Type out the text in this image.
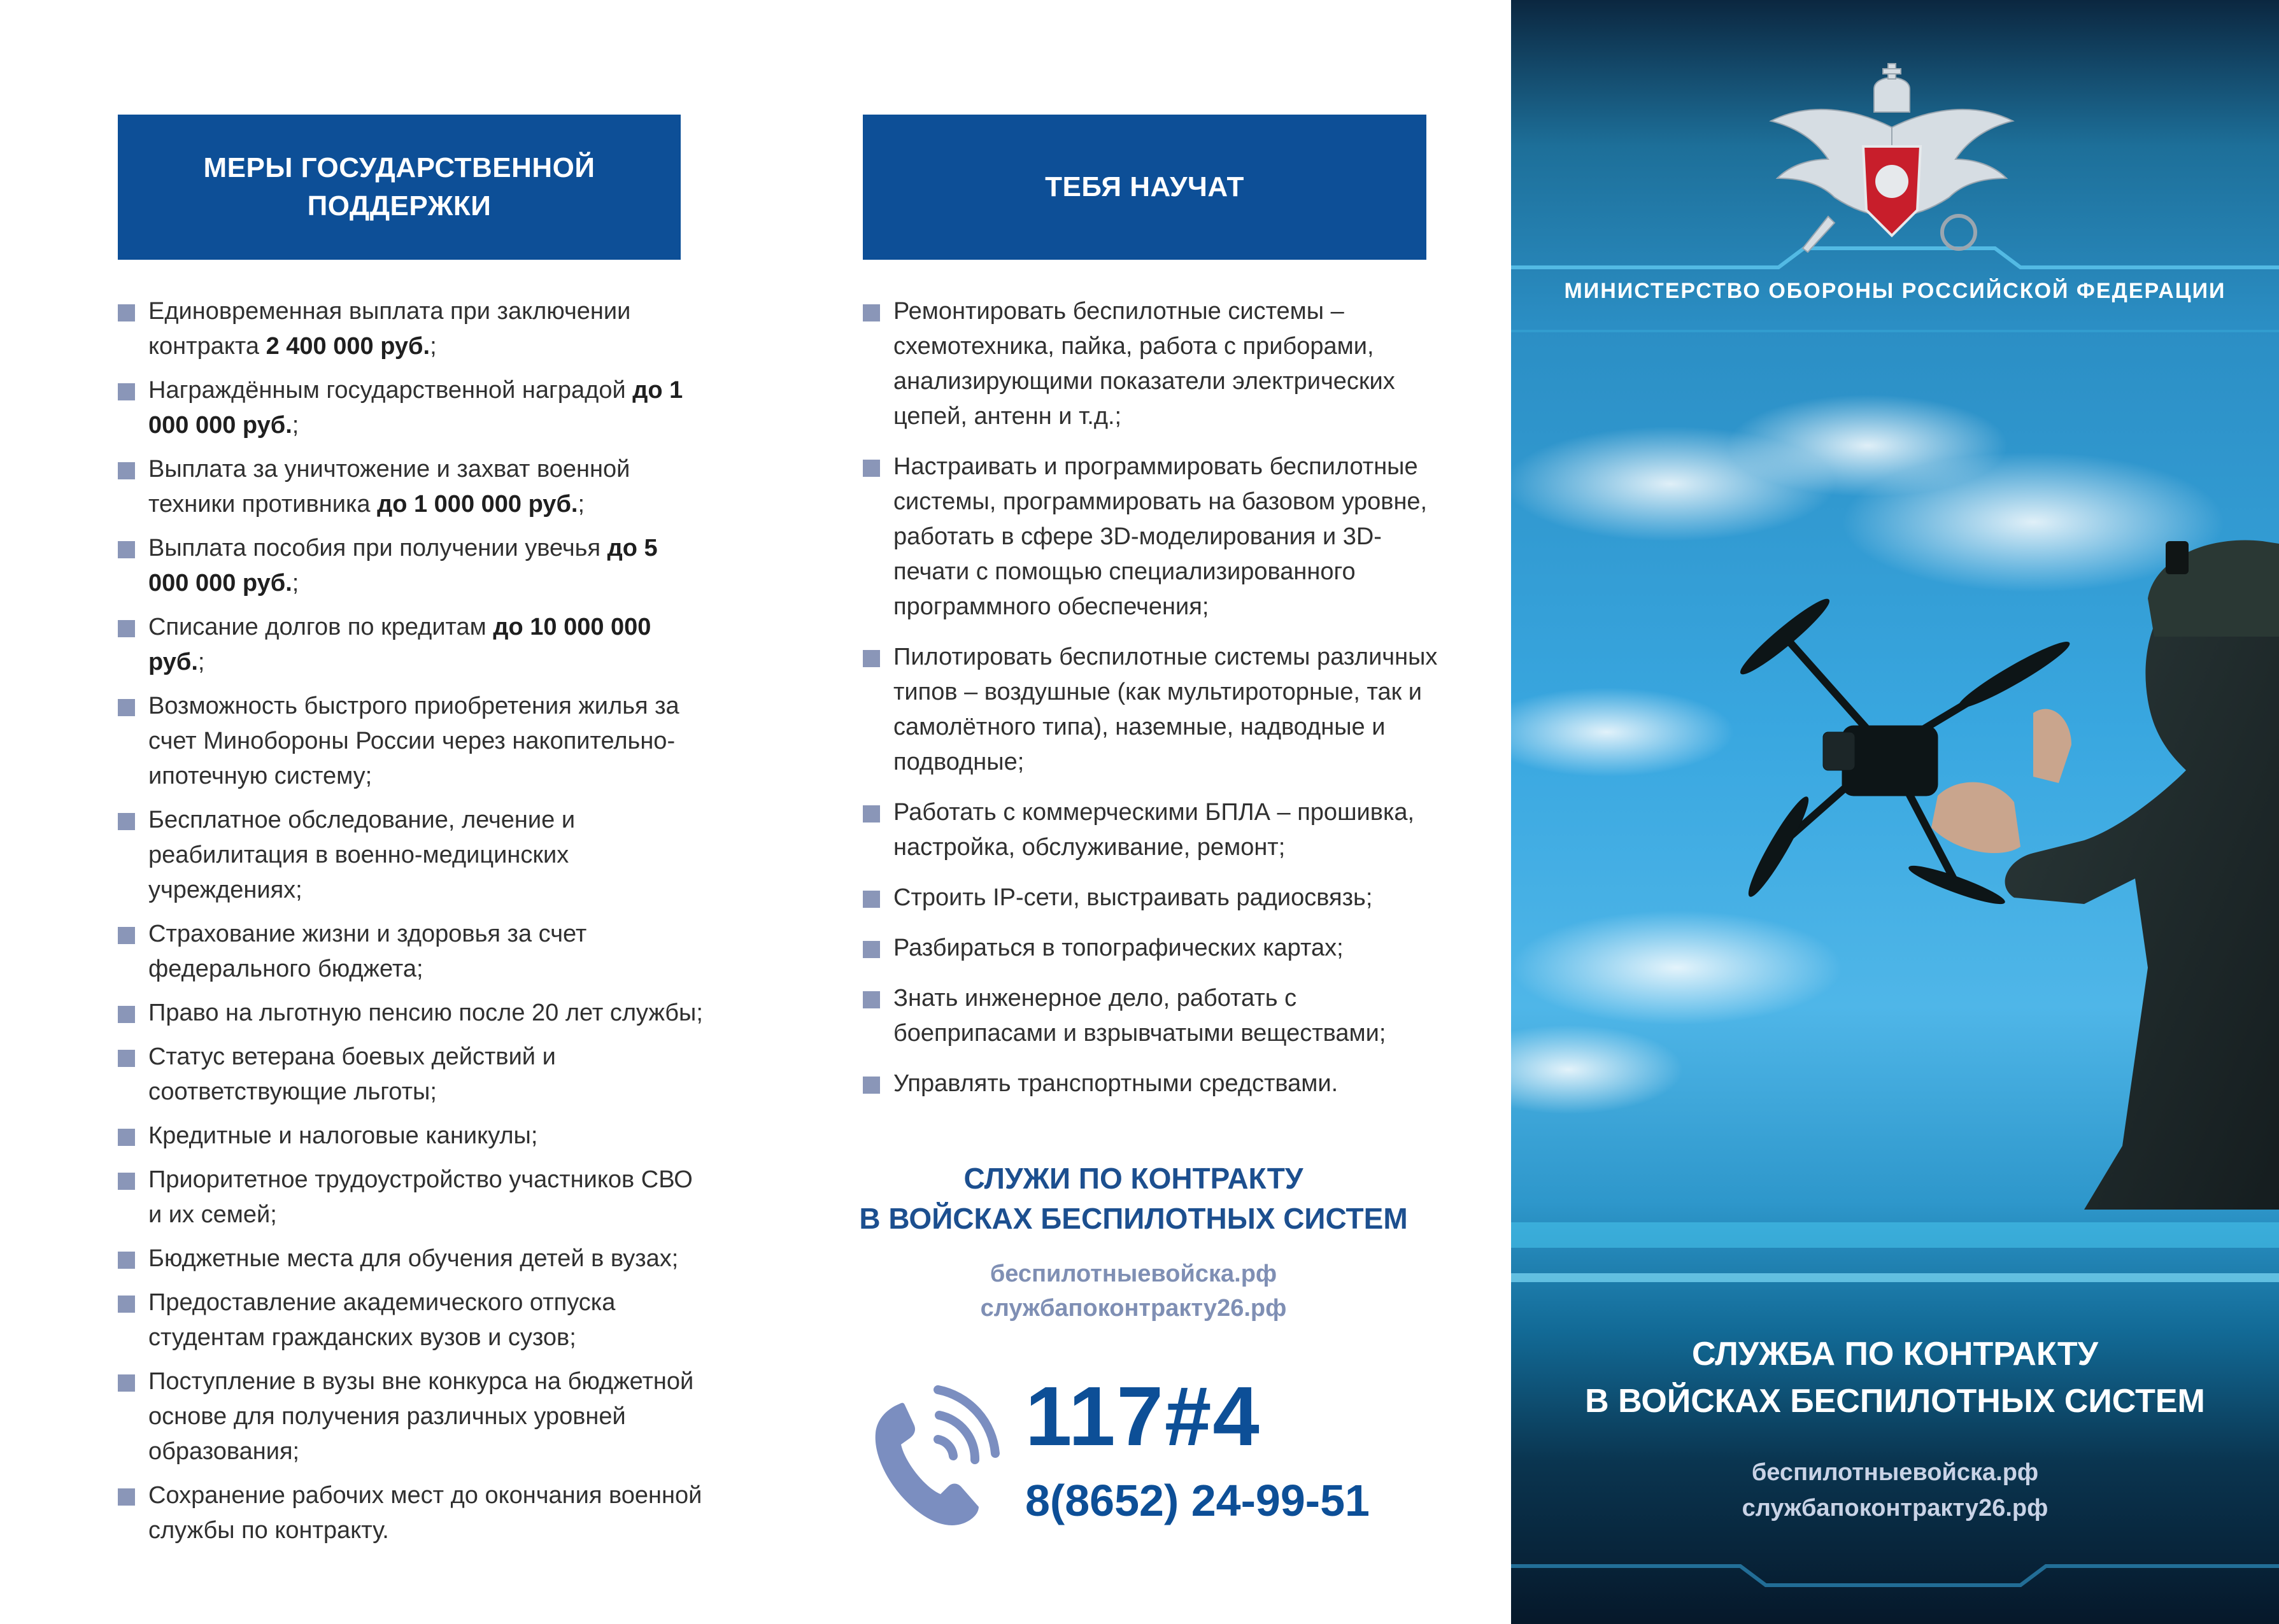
МЕРЫ ГОСУДАРСТВЕННОЙ ПОДДЕРЖКИ
Единовременная выплата при заключении контракта 2 400 000 руб.;
Награждённым государственной наградой до 1 000 000 руб.;
Выплата за уничтожение и захват военной техники противника до 1 000 000 руб.;
Выплата пособия при получении увечья до 5 000 000 руб.;
Списание долгов по кредитам до 10 000 000 руб.;
Возможность быстрого приобретения жилья за счет Минобороны России через накопительно-ипотечную систему;
Бесплатное обследование, лечение и реабилитация в военно-медицинских учреждениях;
Страхование жизни и здоровья за счет федерального бюджета;
Право на льготную пенсию после 20 лет службы;
Статус ветерана боевых действий и соответствующие льготы;
Кредитные и налоговые каникулы;
Приоритетное трудоустройство участников СВО и их семей;
Бюджетные места для обучения детей в вузах;
Предоставление академического отпуска студентам гражданских вузов и сузов;
Поступление в вузы вне конкурса на бюджетной основе для получения различных уровней образования;
Сохранение рабочих мест до окончания военной службы по контракту.
ТЕБЯ НАУЧАТ
Ремонтировать беспилотные системы – схемотехника, пайка, работа с приборами, анализирующими показатели электрических цепей, антенн и т.д.;
Настраивать и программировать беспилотные системы, программировать на базовом уровне, работать в сфере 3D-моделирования и 3D-печати с помощью специализированного программного обеспечения;
Пилотировать беспилотные системы различных типов – воздушные (как мультироторные, так и самолётного типа), наземные, надводные и подводные;
Работать с коммерческими БПЛА – прошивка, настройка, обслуживание, ремонт;
Строить IP-сети, выстраивать радиосвязь;
Разбираться в топографических картах;
Знать инженерное дело, работать с боеприпасами и взрывчатыми веществами;
Управлять транспортными средствами.
СЛУЖИ ПО КОНТРАКТУ
В ВОЙСКАХ БЕСПИЛОТНЫХ СИСТЕМ
беспилотныевойска.рф
службапоконтракту26.рф
117#4
8(8652) 24-99-51
МИНИСТЕРСТВО ОБОРОНЫ РОССИЙСКОЙ ФЕДЕРАЦИИ
СЛУЖБА ПО КОНТРАКТУ
В ВОЙСКАХ БЕСПИЛОТНЫХ СИСТЕМ
беспилотныевойска.рф
службапоконтракту26.рф
